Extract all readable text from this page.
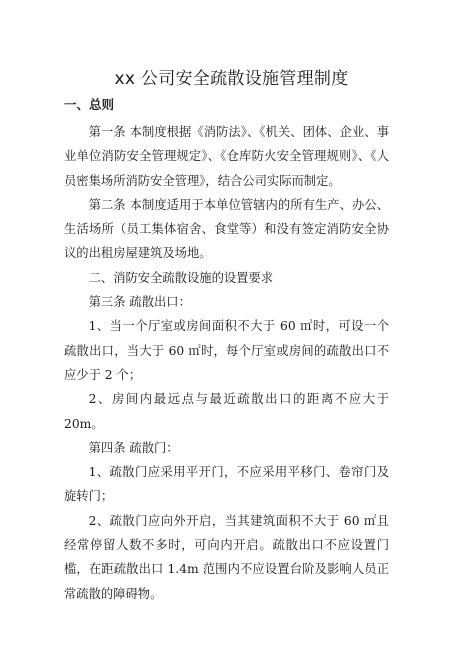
xx 公司安全疏散设施管理制度
一、总则

第一条 本制度根据《消防法》、《机关、团体、企业、事业单位消防安全管理规定》、《仓库防火安全管理规则》、《人员密集场所消防安全管理》，结合公司实际而制定。

第二条 本制度适用于本单位管辖内的所有生产、办公、生活场所（员工集体宿舍、食堂等）和没有签定消防安全协议的出租房屋建筑及场地。

二、消防安全疏散设施的设置要求

第三条 疏散出口：

1、当一个厅室或房间面积不大于 60 ㎡时，可设一个疏散出口，当大于 60 ㎡时，每个厅室或房间的疏散出口不应少于 2 个；

2、房间内最远点与最近疏散出口的距离不应大于 20m。

第四条 疏散门：

1、疏散门应采用平开门，不应采用平移门、卷帘门及旋转门；

2、疏散门应向外开启，当其建筑面积不大于 60 ㎡且经常停留人数不多时，可向内开启。疏散出口不应设置门槛，在距疏散出口 1.4m 范围内不应设置台阶及影响人员正常疏散的障碍物。
